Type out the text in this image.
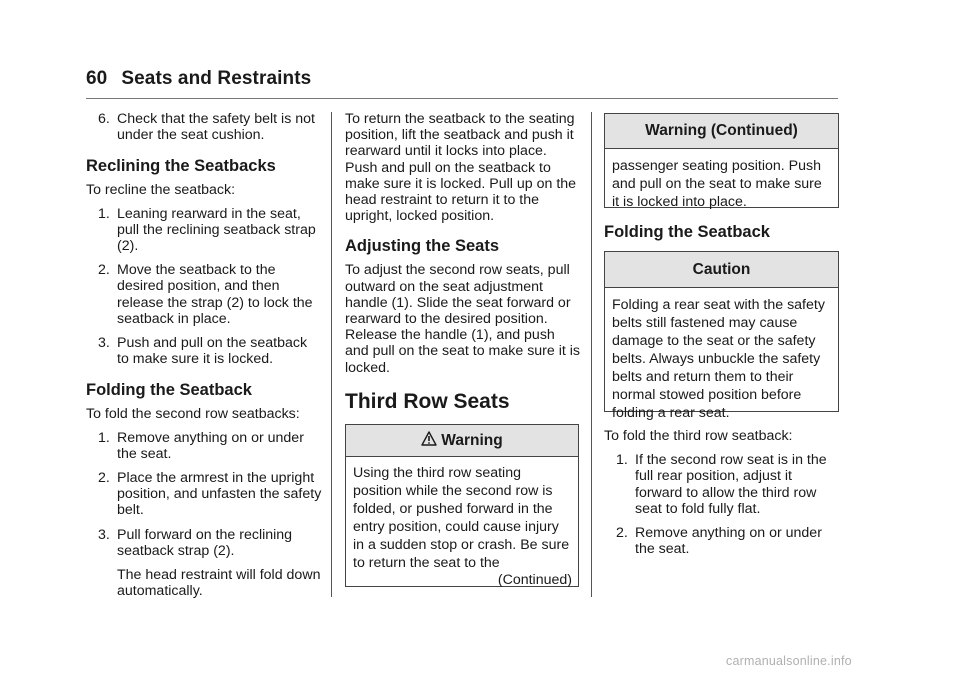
60 Seats and Restraints
6. Check that the safety belt is not under the seat cushion.

Reclining the Seatbacks

To recline the seatback:

1. Leaning rearward in the seat, pull the reclining seatback strap (2).

2. Move the seatback to the desired position, and then release the strap (2) to lock the seatback in place.

3. Push and pull on the seatback to make sure it is locked.

Folding the Seatback

To fold the second row seatbacks:

1. Remove anything on or under the seat.

2. Place the armrest in the upright position, and unfasten the safety belt.

3. Pull forward on the reclining seatback strap (2).

The head restraint will fold down automatically.

To return the seatback to the seating position, lift the seatback and push it rearward until it locks into place. Push and pull on the seatback to make sure it is locked. Pull up on the head restraint to return it to the upright, locked position.

Adjusting the Seats

To adjust the second row seats, pull outward on the seat adjustment handle (1). Slide the seat forward or rearward to the desired position. Release the handle (1), and push and pull on the seat to make sure it is locked.

Third Row Seats
Warning
Using the third row seating position while the second row is folded, or pushed forward in the entry position, could cause injury in a sudden stop or crash. Be sure to return the seat to the
(Continued)
Warning (Continued)
passenger seating position. Push and pull on the seat to make sure it is locked into place.
Folding the Seatback
Caution
Folding a rear seat with the safety belts still fastened may cause damage to the seat or the safety belts. Always unbuckle the safety belts and return them to their normal stowed position before folding a rear seat.

To fold the third row seatback:

1. If the second row seat is in the full rear position, adjust it forward to allow the third row seat to fold fully flat.

2. Remove anything on or under the seat.

carmanualsonline.info
